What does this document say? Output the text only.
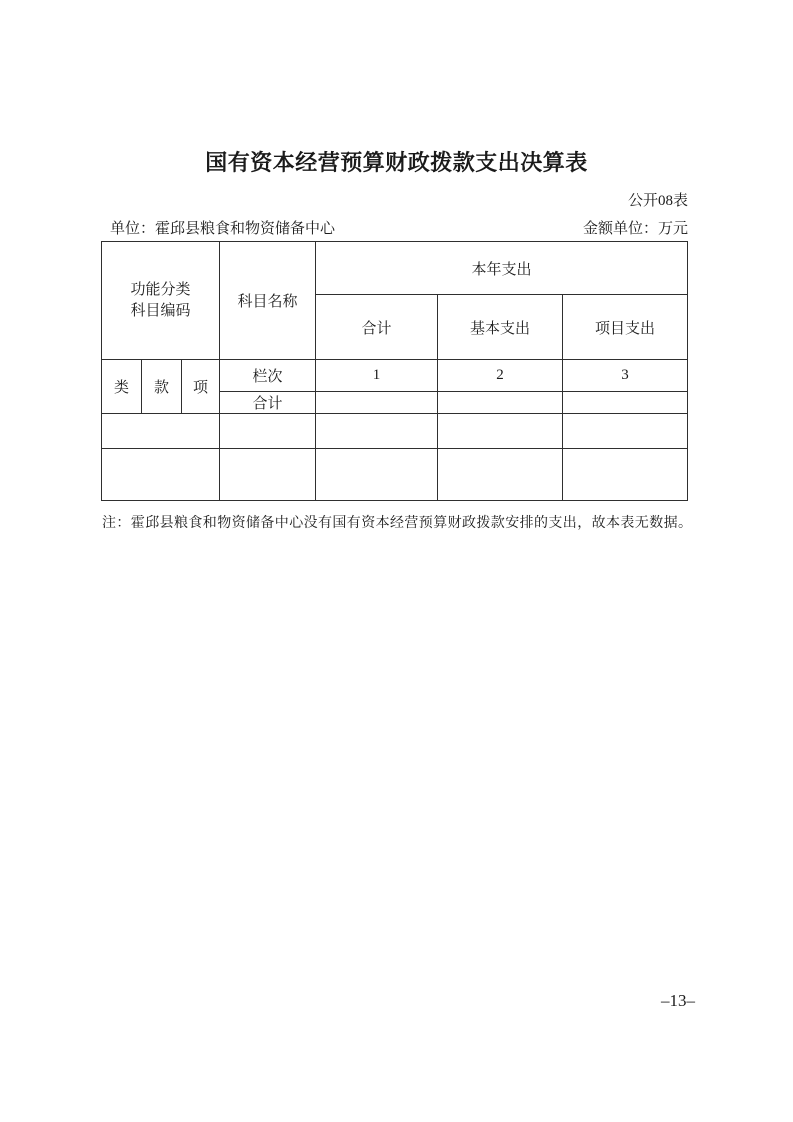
国有资本经营预算财政拨款支出决算表
公开08表
单位：霍邱县粮食和物资储备中心	金额单位：万元
功能分类
科目编码			科目名称	本年支出		
				合计	基本支出	项目支出
类	款	项	栏次	1	2	3
			合计			

注：霍邱县粮食和物资储备中心没有国有资本经营预算财政拨款安排的支出，故本表无数据。
–13–
